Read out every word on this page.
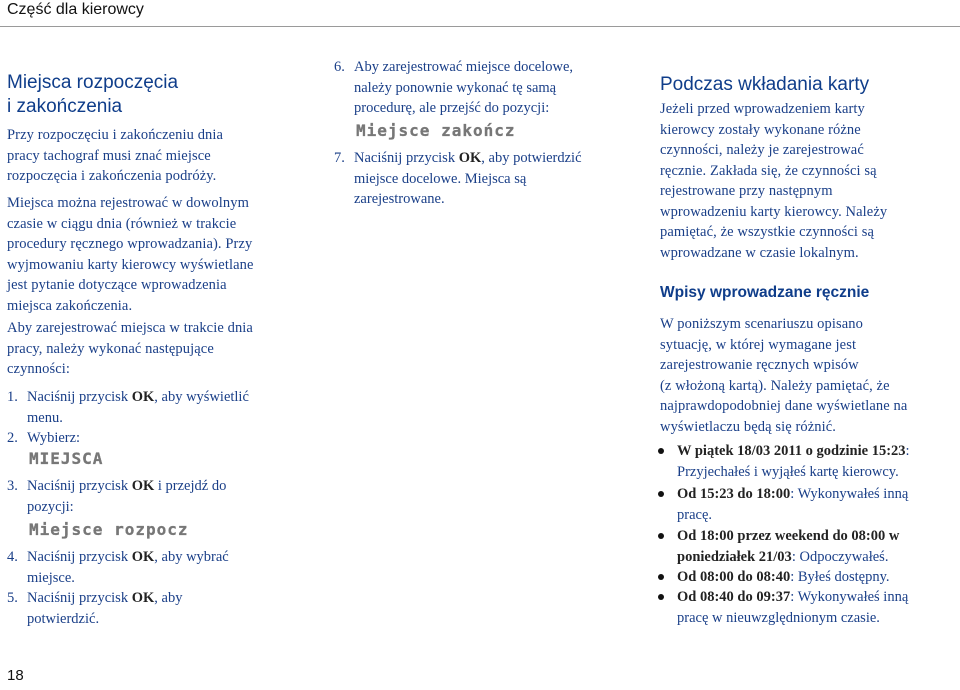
Część dla kierowcy
Miejsca rozpoczęcia
i zakończenia
Przy rozpoczęciu i zakończeniu dnia
pracy tachograf musi znać miejsce
rozpoczęcia i zakończenia podróży.
Miejsca można rejestrować w dowolnym
czasie w ciągu dnia (również w trakcie
procedury ręcznego wprowadzania). Przy
wyjmowaniu karty kierowcy wyświetlane
jest pytanie dotyczące wprowadzenia
miejsca zakończenia.
Aby zarejestrować miejsca w trakcie dnia
pracy, należy wykonać następujące
czynności:
1. Naciśnij przycisk OK, aby wyświetlić
menu.
2. Wybierz:
MIEJSCA
3. Naciśnij przycisk OK i przejdź do
pozycji:
Miejsce rozpocz
4. Naciśnij przycisk OK, aby wybrać
miejsce.
5. Naciśnij przycisk OK, aby
potwierdzić.
6. Aby zarejestrować miejsce docelowe,
należy ponownie wykonać tę samą
procedurę, ale przejść do pozycji:
Miejsce zakończ
7. Naciśnij przycisk OK, aby potwierdzić
miejsce docelowe. Miejsca są
zarejestrowane.
Podczas wkładania karty
Jeżeli przed wprowadzeniem karty
kierowcy zostały wykonane różne
czynności, należy je zarejestrować
ręcznie. Zakłada się, że czynności są
rejestrowane przy następnym
wprowadzeniu karty kierowcy. Należy
pamiętać, że wszystkie czynności są
wprowadzane w czasie lokalnym.
Wpisy wprowadzane ręcznie
W poniższym scenariuszu opisano
sytuację, w której wymagane jest
zarejestrowanie ręcznych wpisów
(z włożoną kartą). Należy pamiętać, że
najprawdopodobniej dane wyświetlane na
wyświetlaczu będą się różnić.
W piątek 18/03 2011 o godzinie 15:23:
Przyjechałeś i wyjąłeś kartę kierowcy.
Od 15:23 do 18:00: Wykonywałeś inną
pracę.
Od 18:00 przez weekend do 08:00 w
poniedziałek 21/03: Odpoczywałeś.
Od 08:00 do 08:40: Byłeś dostępny.
Od 08:40 do 09:37: Wykonywałeś inną
pracę w nieuwzględnionym czasie.
18
